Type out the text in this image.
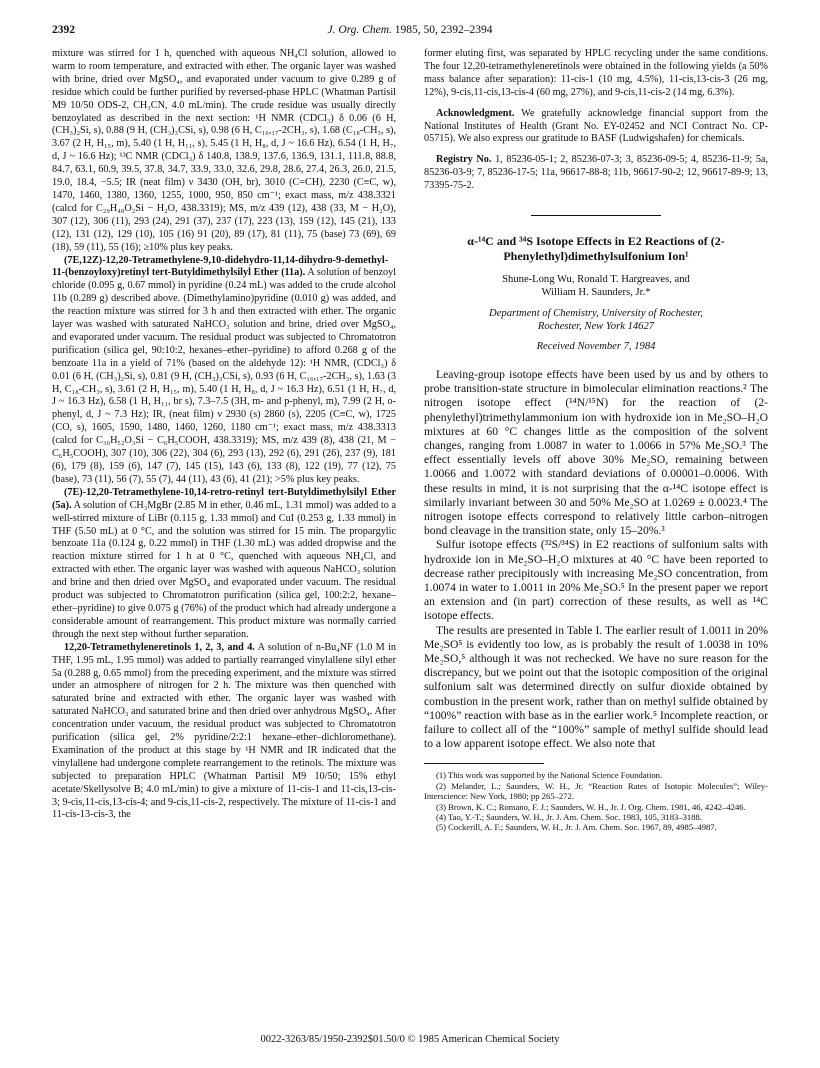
2392	J. Org. Chem. 1985, 50, 2392–2394

mixture was stirred for 1 h, quenched with aqueous NH₄Cl solution, allowed to warm to room temperature, and extracted with ether. The organic layer was washed with brine, dried over MgSO₄, and evaporated under vacuum to give 0.289 g of residue which could be further purified by reversed-phase HPLC (Whatman Partisil M9 10/50 ODS-2, CH₃CN, 4.0 mL/min). The crude residue was usually directly benzoylated as described in the next section: ¹H NMR (CDCl₃) δ 0.06 (6 H, (CH₃)₂Si, s), 0.88 (9 H, (CH₃)₃CSi, s), 0.98 (6 H, C₁₆,₁₇-2CH₃, s), 1.68 (C₁₈-CH₃, s), 3.67 (2 H, H₁₅, m), 5.40 (1 H, H₁₁, s), 5.45 (1 H, H₈, d, J ~ 16.6 Hz), 6.54 (1 H, H₇, d, J ~ 16.6 Hz); ¹³C NMR (CDCl₃) δ 140.8, 138.9, 137.6, 136.9, 131.1, 111.8, 88.8, 84.7, 63.1, 60.9, 39.5, 37.8, 34.7, 33.9, 33.0, 32.6, 29.8, 28.6, 27.4, 26.3, 26.0, 21.5, 19.0, 18.4, −5.5; IR (neat film) ν 3430 (OH, br), 3010 (C=CH), 2230 (C≡C, w), 1470, 1460, 1380, 1360, 1255, 1000, 950, 850 cm⁻¹; exact mass, m/z 438.3321 (calcd for C₂₉H₄₈O₂Si − H₂O, 438.3319); MS, m/z 439 (12), 438 (33, M − H₂O), 307 (12), 306 (11), 293 (24), 291 (37), 237 (17), 223 (13), 159 (12), 145 (21), 133 (12), 131 (12), 129 (10), 105 (16) 91 (20), 89 (17), 81 (11), 75 (base) 73 (69), 69 (18), 59 (11), 55 (16); ≥10% plus key peaks.

(7E,12Z)-12,20-Tetramethylene-9,10-didehydro-11,14-dihydro-9-demethyl-11-(benzoyloxy)retinyl tert-Butyldimethylsilyl Ether (11a). A solution of benzoyl chloride (0.095 g, 0.67 mmol) in pyridine (0.24 mL) was added to the crude alcohol 11b (0.289 g) described above. (Dimethylamino)pyridine (0.010 g) was added, and the reaction mixture was stirred for 3 h and then extracted with ether. The organic layer was washed with saturated NaHCO₃ solution and brine, dried over MgSO₄, and evaporated under vacuum. The residual product was subjected to Chromatotron purification (silica gel, 90:10:2, hexanes–ether–pyridine) to afford 0.268 g of the benzoate 11a in a yield of 71% (based on the aldehyde 12): ¹H NMR, (CDCl₃) δ 0.01 (6 H, (CH₃)₂Si, s), 0.81 (9 H, (CH₃)₃CSi, s), 0.93 (6 H, C₁₆,₁₇-2CH₃, s), 1.63 (3 H, C₁₈-CH₃, s), 3.61 (2 H, H₁₅, m), 5.40 (1 H, H₈, d, J ~ 16.3 Hz), 6.51 (1 H, H₇, d, J ~ 16.3 Hz), 6.58 (1 H, H₁₁, br s), 7.3–7.5 (3H, m- and p-phenyl, m), 7.99 (2 H, o-phenyl, d, J ~ 7.3 Hz); IR, (neat film) ν 2930 (s) 2860 (s), 2205 (C≡C, w), 1725 (CO, s), 1605, 1590, 1480, 1460, 1260, 1180 cm⁻¹; exact mass, m/z 438.3313 (calcd for C₃₆H₅₂O₃Si − C₆H₅COOH, 438.3319); MS, m/z 439 (8), 438 (21, M − C₆H₅COOH), 307 (10), 306 (22), 304 (6), 293 (13), 292 (6), 291 (26), 237 (9), 181 (6), 179 (8), 159 (6), 147 (7), 145 (15), 143 (6), 133 (8), 122 (19), 77 (12), 75 (base), 73 (11), 56 (7), 55 (7), 44 (11), 43 (6), 41 (21); >5% plus key peaks.

(7E)-12,20-Tetramethylene-10,14-retro-retinyl tert-Butyldimethylsilyl Ether (5a). A solution of CH₃MgBr (2.85 M in ether, 0.46 mL, 1.31 mmol) was added to a well-stirred mixture of LiBr (0.115 g, 1.33 mmol) and CuI (0.253 g, 1.33 mmol) in THF (5.50 mL) at 0 °C, and the solution was stirred for 15 min. The propargylic benzoate 11a (0.124 g, 0.22 mmol) in THF (1.30 mL) was added dropwise and the reaction mixture stirred for 1 h at 0 °C, quenched with aqueous NH₄Cl, and extracted with ether. The organic layer was washed with aqueous NaHCO₃ solution and brine and then dried over MgSO₄ and evaporated under vacuum. The residual product was subjected to Chromatotron purification (silica gel, 100:2:2, hexane–ether–pyridine) to give 0.075 g (76%) of the product which had already undergone a considerable amount of rearrangement. This product mixture was normally carried through the next step without further separation.

12,20-Tetramethyleneretinols 1, 2, 3, and 4. A solution of n-Bu₄NF (1.0 M in THF, 1.95 mL, 1.95 mmol) was added to partially rearranged vinylallene silyl ether 5a (0.288 g, 0.65 mmol) from the preceding experiment, and the mixture was stirred under an atmosphere of nitrogen for 2 h. The mixture was then quenched with saturated brine and extracted with ether. The organic layer was washed with saturated NaHCO₃ and saturated brine and then dried over anhydrous MgSO₄. After concentration under vacuum, the residual product was subjected to Chromatotron purification (silica gel, 2% pyridine/2:2:1 hexane–ether–dichloromethane). Examination of the product at this stage by ¹H NMR and IR indicated that the vinylallene had undergone complete rearrangement to the retinols. The mixture was subjected to preparation HPLC (Whatman Partisil M9 10/50; 15% ethyl acetate/Skellysolve B; 4.0 mL/min) to give a mixture of 11-cis-1 and 11-cis,13-cis-3; 9-cis,11-cis,13-cis-4; and 9-cis,11-cis-2, respectively. The mixture of 11-cis-1 and 11-cis-13-cis-3, the

former eluting first, was separated by HPLC recycling under the same conditions. The four 12,20-tetramethyleneretinols were obtained in the following yields (a 50% mass balance after separation): 11-cis-1 (10 mg, 4.5%), 11-cis,13-cis-3 (26 mg, 12%), 9-cis,11-cis,13-cis-4 (60 mg, 27%), and 9-cis,11-cis-2 (14 mg, 6.3%).

Acknowledgment. We gratefully acknowledge financial support from the National Institutes of Health (Grant No. EY-02452 and NCI Contract No. CP-05715). We also express our gratitude to BASF (Ludwigshafen) for chemicals.

Registry No. 1, 85236-05-1; 2, 85236-07-3; 3, 85236-09-5; 4, 85236-11-9; 5a, 85236-03-9; 7, 85236-17-5; 11a, 96617-88-8; 11b, 96617-90-2; 12, 96617-89-9; 13, 73395-75-2.

α-¹⁴C and ³⁴S Isotope Effects in E2 Reactions of (2-Phenylethyl)dimethylsulfonium Ion¹
Shune-Long Wu, Ronald T. Hargreaves, and
William H. Saunders, Jr.*
Department of Chemistry, University of Rochester,
Rochester, New York 14627
Received November 7, 1984

Leaving-group isotope effects have been used by us and by others to probe transition-state structure in bimolecular elimination reactions.² The nitrogen isotope effect (¹⁴N/¹⁵N) for the reaction of (2-phenylethyl)trimethylammonium ion with hydroxide ion in Me₂SO–H₂O mixtures at 60 °C changes little as the composition of the solvent changes, ranging from 1.0087 in water to 1.0066 in 57% Me₂SO.³ The effect essentially levels off above 30% Me₂SO, remaining between 1.0066 and 1.0072 with standard deviations of 0.00001–0.0006. With these results in mind, it is not surprising that the α-¹⁴C isotope effect is similarly invariant between 30 and 50% Me₂SO at 1.0269 ± 0.0023.⁴ The nitrogen isotope effects correspond to relatively little carbon–nitrogen bond cleavage in the transition state, only 15–20%.³

Sulfur isotope effects (³²S/³⁴S) in E2 reactions of sulfonium salts with hydroxide ion in Me₂SO–H₂O mixtures at 40 °C have been reported to decrease rather precipitously with increasing Me₂SO concentration, from 1.0074 in water to 1.0011 in 20% Me₂SO.⁵ In the present paper we report an extension and (in part) correction of these results, as well as ¹⁴C isotope effects.

The results are presented in Table I. The earlier result of 1.0011 in 20% Me₂SO⁵ is evidently too low, as is probably the result of 1.0038 in 10% Me₂SO,⁵ although it was not rechecked. We have no sure reason for the discrepancy, but we point out that the isotopic composition of the original sulfonium salt was determined directly on sulfur dioxide obtained by combustion in the present work, rather than on methyl sulfide obtained by “100%” reaction with base as in the earlier work.⁵ Incomplete reaction, or failure to collect all of the “100%” sample of methyl sulfide should lead to a low apparent isotope effect. We also note that

(1) This work was supported by the National Science Foundation.

(2) Melander, L.; Saunders, W. H., Jr. “Reaction Rates of Isotopic Molecules”; Wiley-Interscience: New York, 1980; pp 265–272.

(3) Brown, K. C.; Romano, F. J.; Saunders, W. H., Jr. J. Org. Chem. 1981, 46, 4242–4246.

(4) Tao, Y.-T.; Saunders, W. H., Jr. J. Am. Chem. Soc. 1983, 105, 3183–3188.

(5) Cockerill, A. F.; Saunders, W. H., Jr. J. Am. Chem. Soc. 1967, 89, 4985–4987.

0022-3263/85/1950-2392$01.50/0 © 1985 American Chemical Society
